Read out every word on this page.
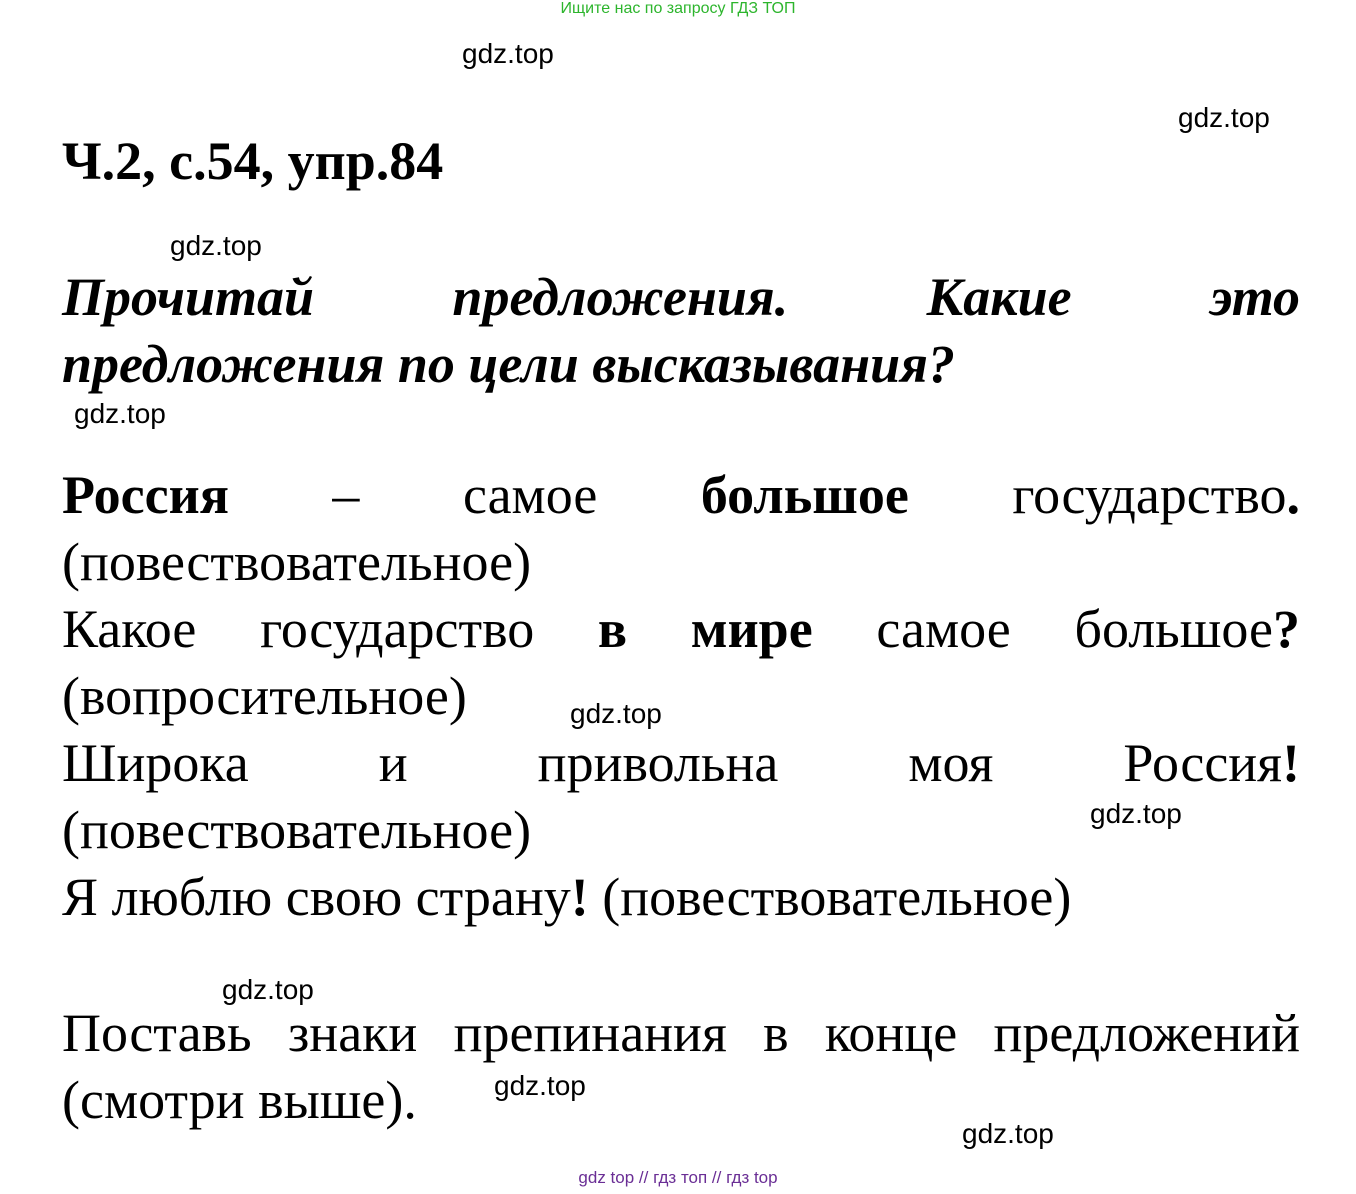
Ищите нас по запросу ГДЗ ТОП
gdz.top
gdz.top
gdz.top
gdz.top
gdz.top
gdz.top
gdz.top
gdz.top
gdz.top
Ч.2, с.54, упр.84
Прочитай	предложения.	Какие	это
предложения по цели высказывания?
Россия – самое большое государство.
(повествовательное)
Какое государство в мире самое большое?
(вопросительное)
Широка и привольна моя Россия!
(повествовательное)
Я люблю свою страну! (повествовательное)
Поставь знаки препинания в конце предложений
(смотри выше).
gdz top // гдз топ // гдз top
